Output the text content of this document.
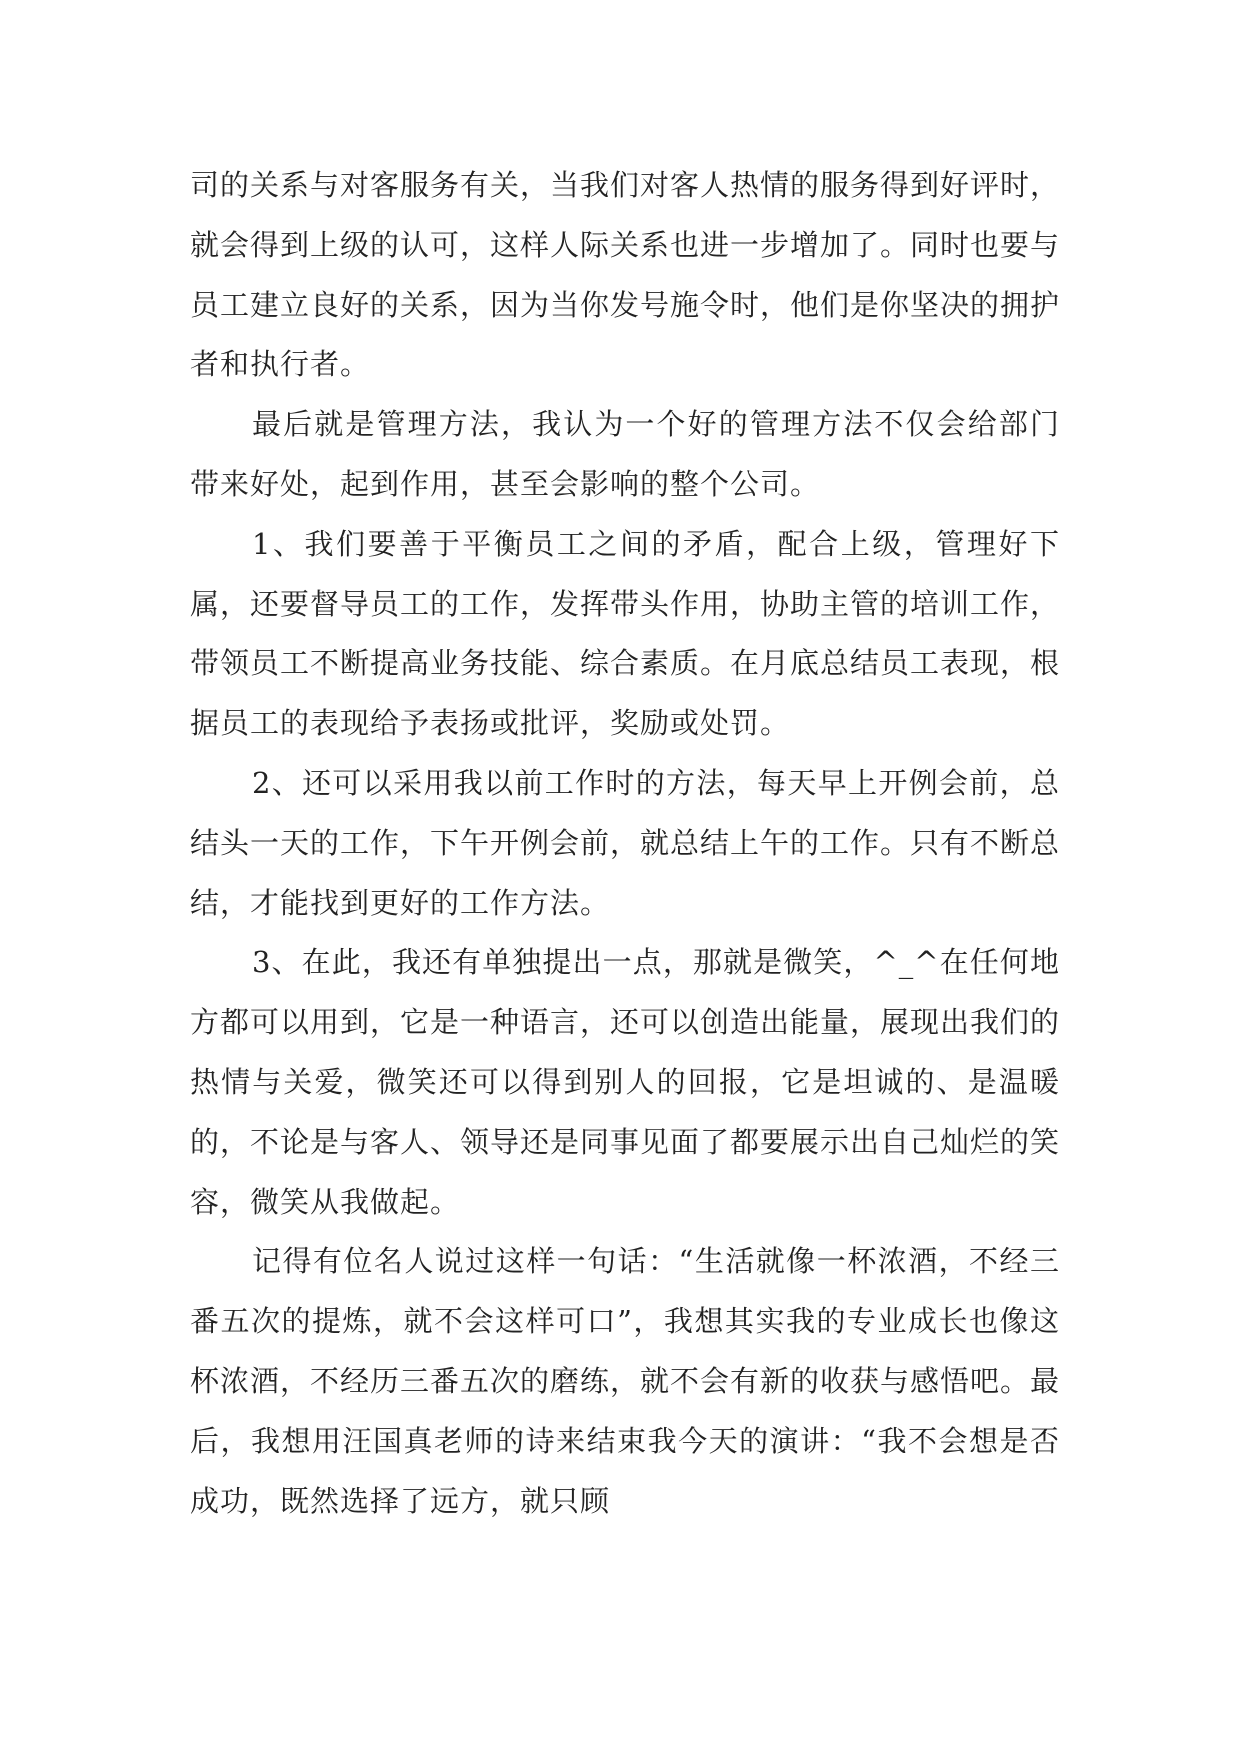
司的关系与对客服务有关，当我们对客人热情的服务得到好评时，就会得到上级的认可，这样人际关系也进一步增加了。同时也要与员工建立良好的关系，因为当你发号施令时，他们是你坚决的拥护者和执行者。

最后就是管理方法，我认为一个好的管理方法不仅会给部门带来好处，起到作用，甚至会影响的整个公司。

1、我们要善于平衡员工之间的矛盾，配合上级，管理好下属，还要督导员工的工作，发挥带头作用，协助主管的培训工作，带领员工不断提高业务技能、综合素质。在月底总结员工表现，根据员工的表现给予表扬或批评，奖励或处罚。

2、还可以采用我以前工作时的方法，每天早上开例会前，总结头一天的工作，下午开例会前，就总结上午的工作。只有不断总结，才能找到更好的工作方法。

3、在此，我还有单独提出一点，那就是微笑，^_^在任何地方都可以用到，它是一种语言，还可以创造出能量，展现出我们的热情与关爱，微笑还可以得到别人的回报，它是坦诚的、是温暖的，不论是与客人、领导还是同事见面了都要展示出自己灿烂的笑容，微笑从我做起。

记得有位名人说过这样一句话：“生活就像一杯浓酒，不经三番五次的提炼，就不会这样可口”，我想其实我的专业成长也像这杯浓酒，不经历三番五次的磨练，就不会有新的收获与感悟吧。最后，我想用汪国真老师的诗来结束我今天的演讲：“我不会想是否成功，既然选择了远方，就只顾
